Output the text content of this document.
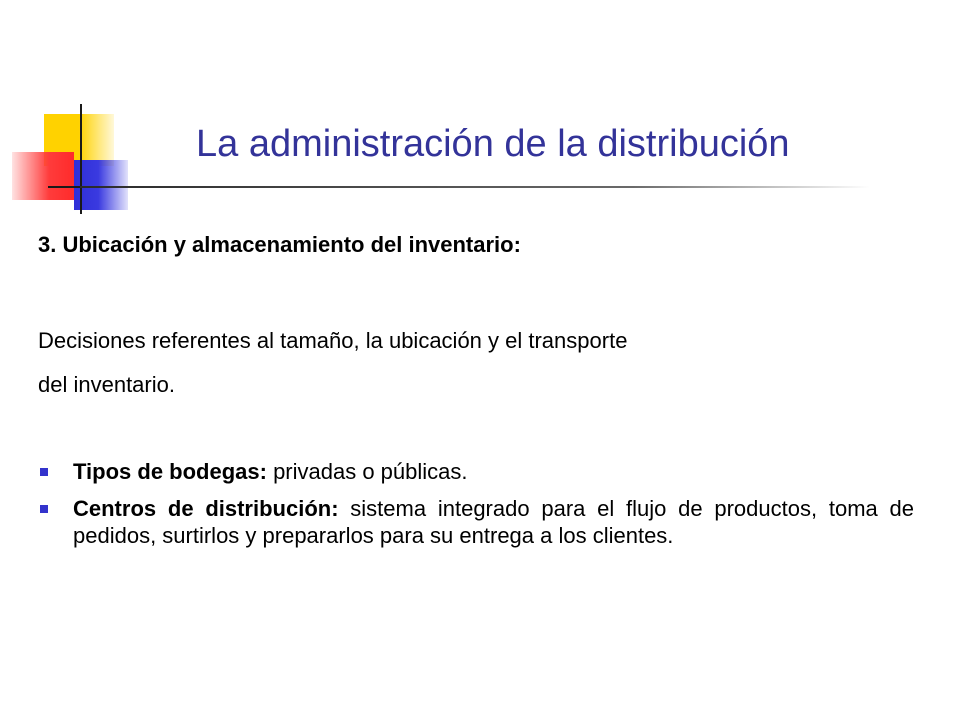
La administración de la distribución

3. Ubicación y almacenamiento del inventario:

Decisiones referentes al tamaño, la ubicación y el transporte
del inventario.

Tipos de bodegas: privadas o públicas.
Centros de distribución: sistema integrado para el flujo de productos, toma de pedidos, surtirlos y prepararlos para su entrega a los clientes.
